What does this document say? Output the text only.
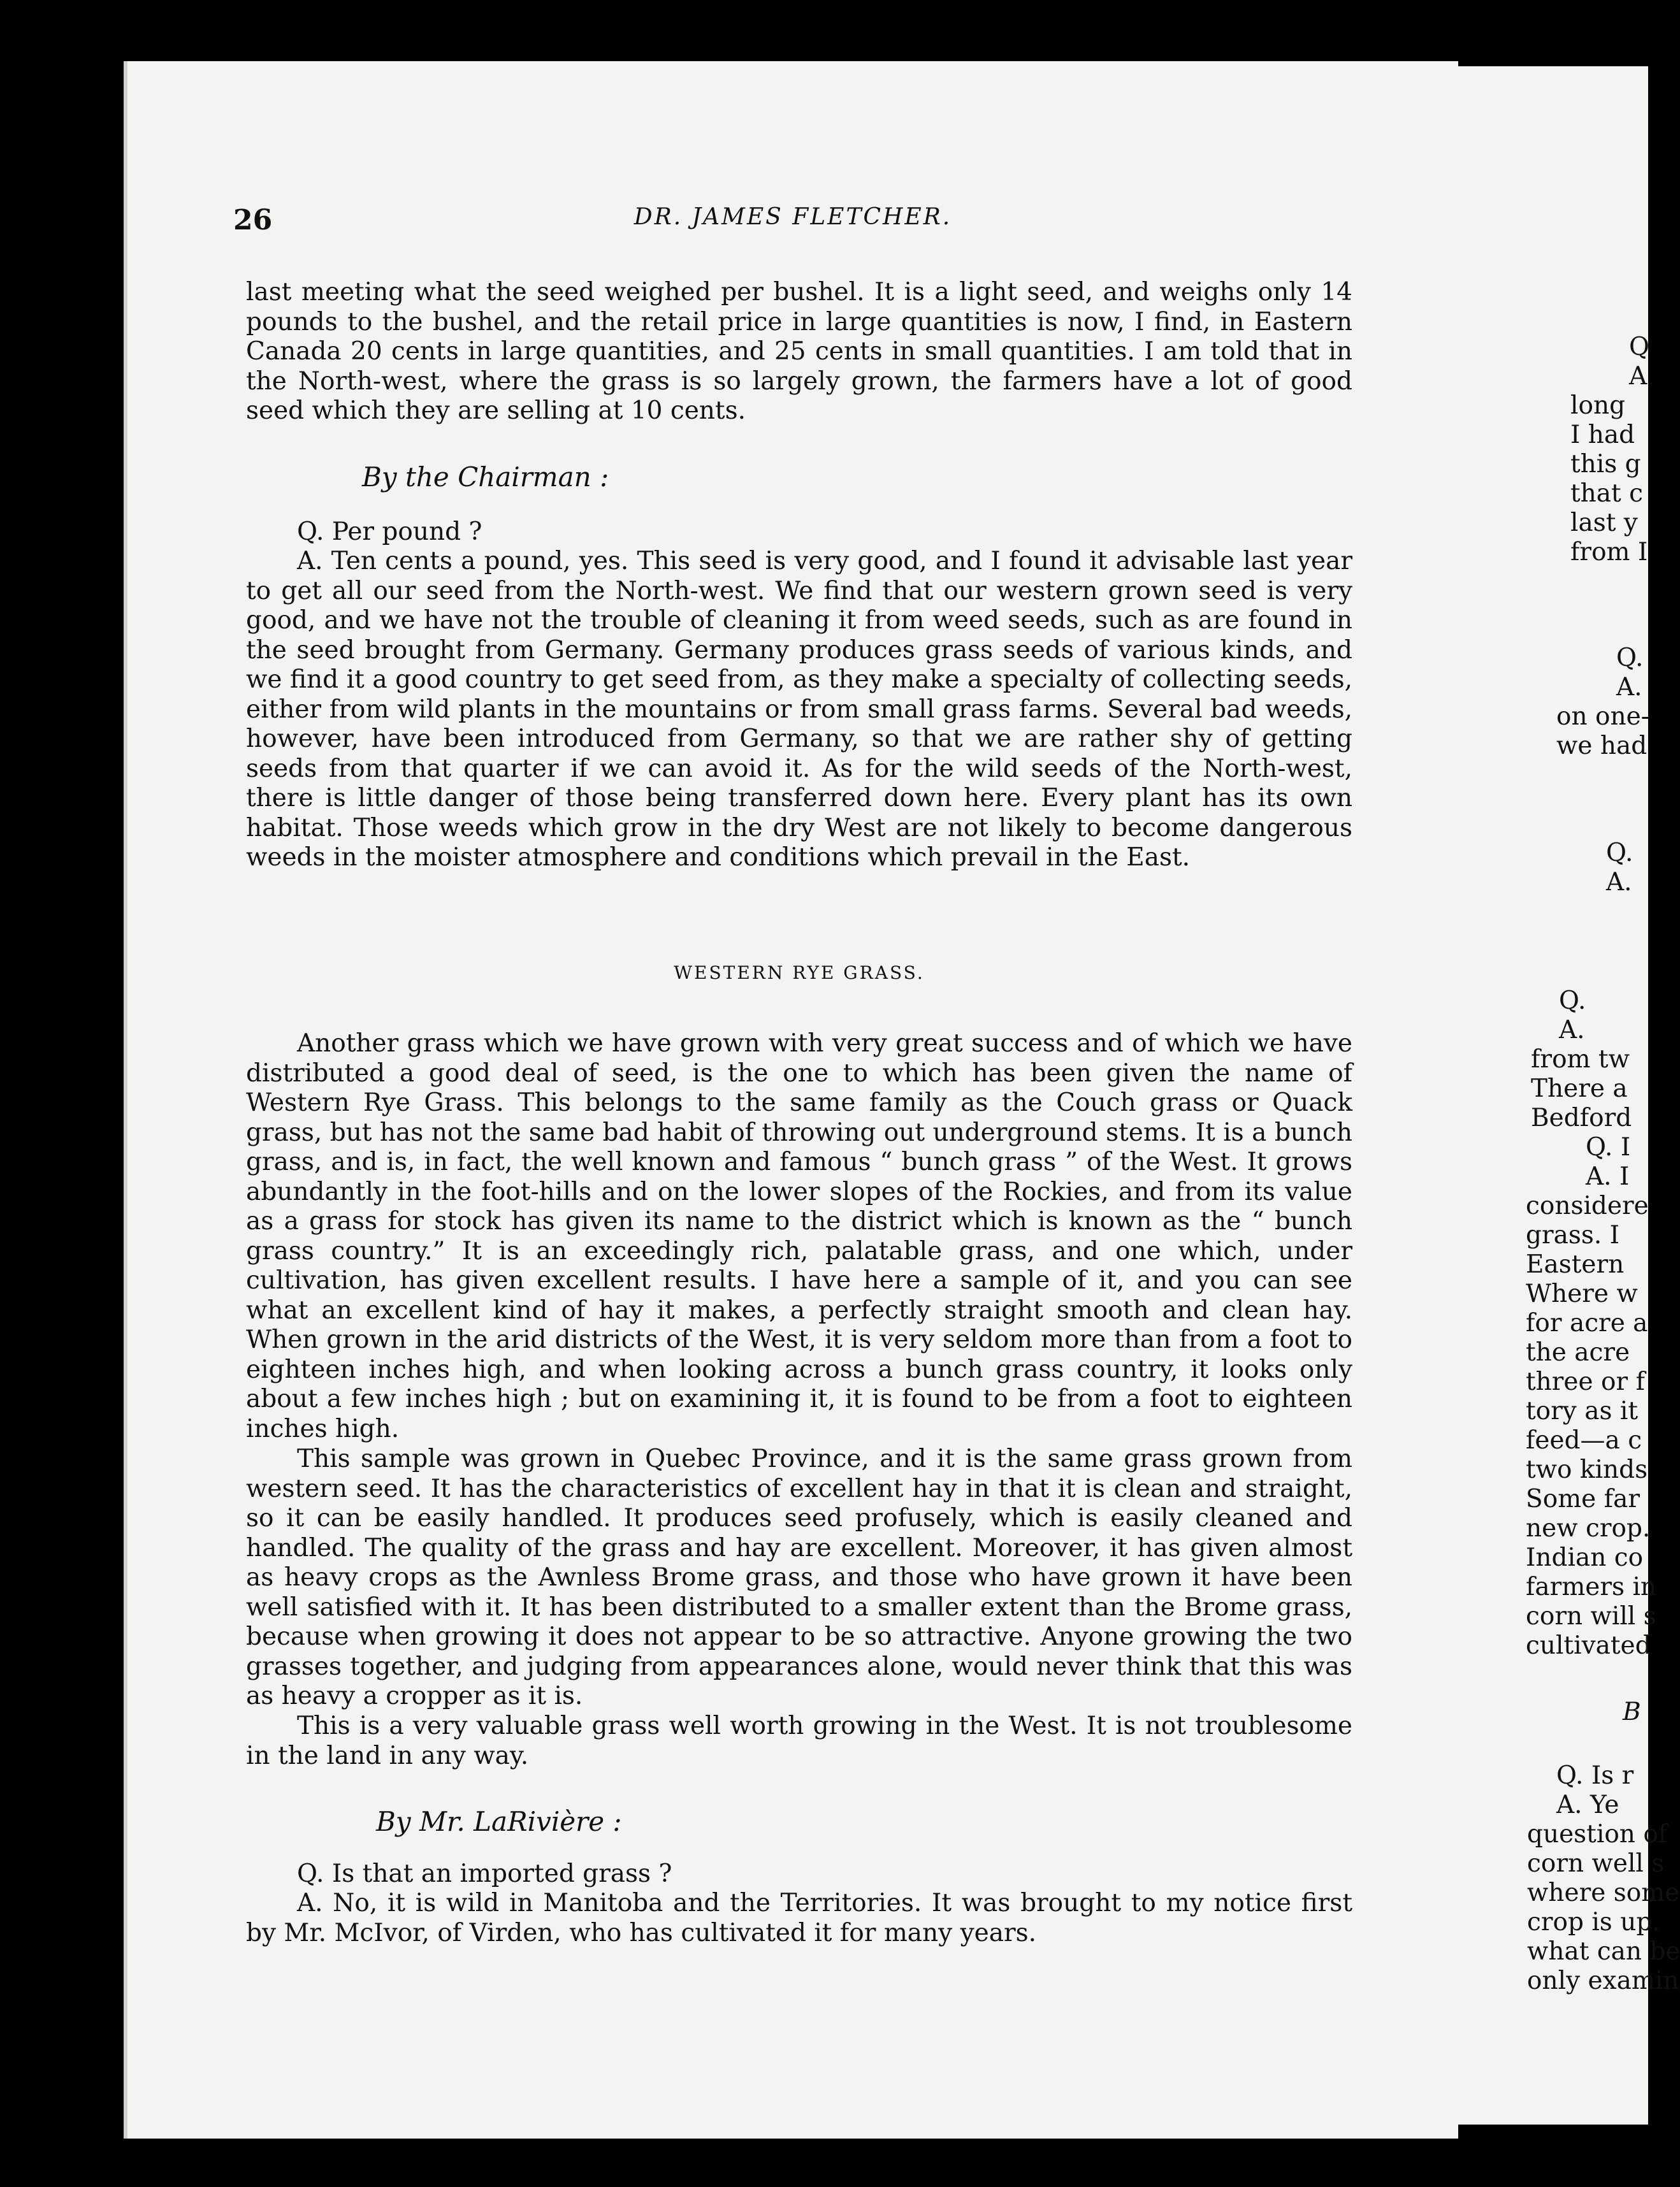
26	DR. JAMES FLETCHER.

last meeting what the seed weighed per bushel. It is a light seed, and weighs only 14 pounds to the bushel, and the retail price in large quantities is now, I find, in Eastern Canada 20 cents in large quantities, and 25 cents in small quantities. I am told that in the North-west, where the grass is so largely grown, the farmers have a lot of good seed which they are selling at 10 cents.

By the Chairman :

Q. Per pound ?

A. Ten cents a pound, yes. This seed is very good, and I found it advisable last year to get all our seed from the North-west. We find that our western grown seed is very good, and we have not the trouble of cleaning it from weed seeds, such as are found in the seed brought from Germany. Germany produces grass seeds of various kinds, and we find it a good country to get seed from, as they make a specialty of collecting seeds, either from wild plants in the mountains or from small grass farms. Several bad weeds, however, have been introduced from Germany, so that we are rather shy of getting seeds from that quarter if we can avoid it. As for the wild seeds of the North-west, there is little danger of those being transferred down here. Every plant has its own habitat. Those weeds which grow in the dry West are not likely to become dangerous weeds in the moister atmosphere and conditions which prevail in the East.

WESTERN RYE GRASS.

Another grass which we have grown with very great success and of which we have distributed a good deal of seed, is the one to which has been given the name of Western Rye Grass. This belongs to the same family as the Couch grass or Quack grass, but has not the same bad habit of throwing out underground stems. It is a bunch grass, and is, in fact, the well known and famous “ bunch grass ” of the West. It grows abundantly in the foot-hills and on the lower slopes of the Rockies, and from its value as a grass for stock has given its name to the district which is known as the “ bunch grass country.” It is an exceedingly rich, palatable grass, and one which, under cultivation, has given excellent results. I have here a sample of it, and you can see what an excellent kind of hay it makes, a perfectly straight smooth and clean hay. When grown in the arid districts of the West, it is very seldom more than from a foot to eighteen inches high, and when looking across a bunch grass country, it looks only about a few inches high ; but on examining it, it is found to be from a foot to eighteen inches high.

This sample was grown in Quebec Province, and it is the same grass grown from western seed. It has the characteristics of excellent hay in that it is clean and straight, so it can be easily handled. It produces seed profusely, which is easily cleaned and handled. The quality of the grass and hay are excellent. Moreover, it has given almost as heavy crops as the Awnless Brome grass, and those who have grown it have been well satisfied with it. It has been distributed to a smaller extent than the Brome grass, because when growing it does not appear to be so attractive. Anyone growing the two grasses together, and judging from appearances alone, would never think that this was as heavy a cropper as it is.

This is a very valuable grass well worth growing in the West. It is not troublesome in the land in any way.

By Mr. LaRivière :

Q. Is that an imported grass ?

A. No, it is wild in Manitoba and the Territories. It was brought to my notice first by Mr. McIvor, of Virden, who has cultivated it for many years.

Q
A
long
I had
this g
that c
last y
from I
Q.
A.
on one-
we had
Q.
A.
Q.
A.
from tw
There a
Bedford
Q. I
A. I
considere
grass. I
Eastern
Where w
for acre a
the acre
three or f
tory as it
feed—a c
two kinds
Some far
new crop.
Indian co
farmers in
corn will s
cultivated
B
Q. Is r
A. Ye
question of
corn well s
where some
crop is up.
what can be
only examin
